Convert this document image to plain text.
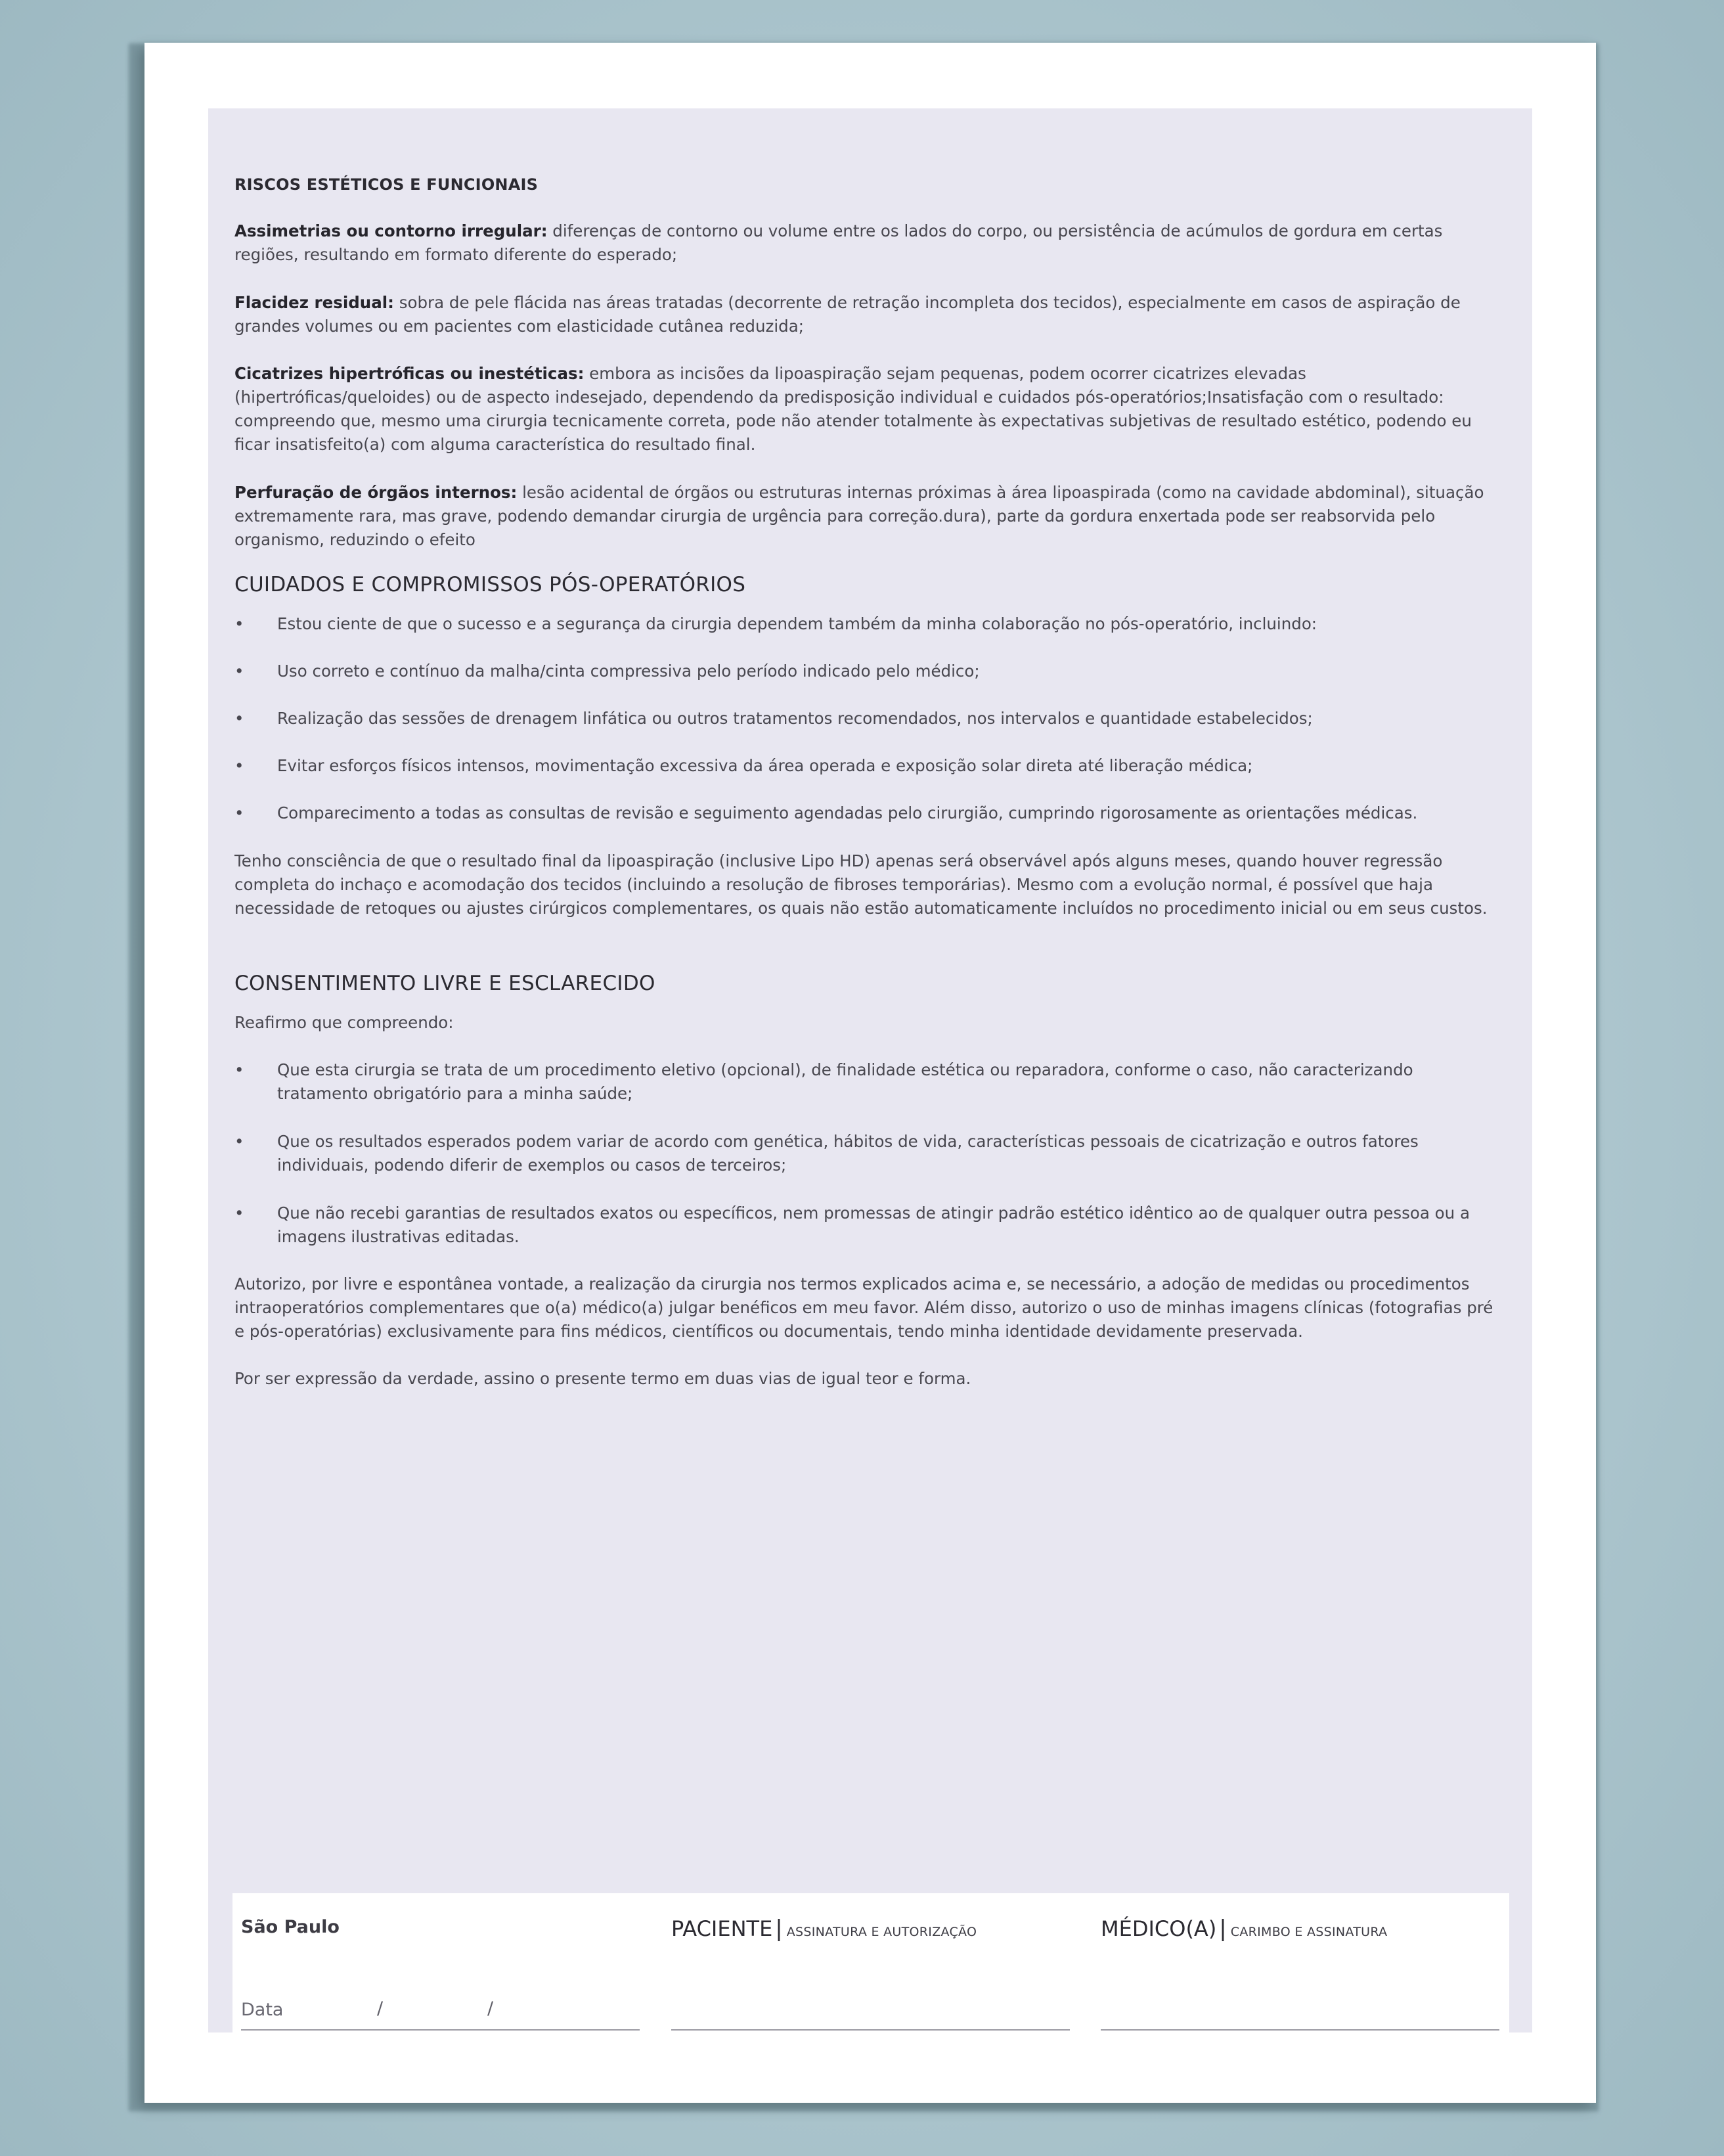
RISCOS ESTÉTICOS E FUNCIONAIS

Assimetrias ou contorno irregular: diferenças de contorno ou volume entre os lados do corpo, ou persistência de acúmulos de gordura em certas regiões, resultando em formato diferente do esperado;

Flacidez residual: sobra de pele flácida nas áreas tratadas (decorrente de retração incompleta dos tecidos), especialmente em casos de aspiração de grandes volumes ou em pacientes com elasticidade cutânea reduzida;

Cicatrizes hipertróficas ou inestéticas: embora as incisões da lipoaspiração sejam pequenas, podem ocorrer cicatrizes elevadas (hipertróficas/queloides) ou de aspecto indesejado, dependendo da predisposição individual e cuidados pós-operatórios;Insatisfação com o resultado: compreendo que, mesmo uma cirurgia tecnicamente correta, pode não atender totalmente às expectativas subjetivas de resultado estético, podendo eu ficar insatisfeito(a) com alguma característica do resultado final.

Perfuração de órgãos internos: lesão acidental de órgãos ou estruturas internas próximas à área lipoaspirada (como na cavidade abdominal), situação extremamente rara, mas grave, podendo demandar cirurgia de urgência para correção.dura), parte da gordura enxertada pode ser reabsorvida pelo organismo, reduzindo o efeito

CUIDADOS E COMPROMISSOS PÓS-OPERATÓRIOS
• Estou ciente de que o sucesso e a segurança da cirurgia dependem também da minha colaboração no pós-operatório, incluindo:
• Uso correto e contínuo da malha/cinta compressiva pelo período indicado pelo médico;
• Realização das sessões de drenagem linfática ou outros tratamentos recomendados, nos intervalos e quantidade estabelecidos;
• Evitar esforços físicos intensos, movimentação excessiva da área operada e exposição solar direta até liberação médica;
• Comparecimento a todas as consultas de revisão e seguimento agendadas pelo cirurgião, cumprindo rigorosamente as orientações médicas.

Tenho consciência de que o resultado final da lipoaspiração (inclusive Lipo HD) apenas será observável após alguns meses, quando houver regressão completa do inchaço e acomodação dos tecidos (incluindo a resolução de fibroses temporárias). Mesmo com a evolução normal, é possível que haja necessidade de retoques ou ajustes cirúrgicos complementares, os quais não estão automaticamente incluídos no procedimento inicial ou em seus custos.

CONSENTIMENTO LIVRE E ESCLARECIDO

Reafirmo que compreendo:

• Que esta cirurgia se trata de um procedimento eletivo (opcional), de finalidade estética ou reparadora, conforme o caso, não caracterizando tratamento obrigatório para a minha saúde;
• Que os resultados esperados podem variar de acordo com genética, hábitos de vida, características pessoais de cicatrização e outros fatores individuais, podendo diferir de exemplos ou casos de terceiros;
• Que não recebi garantias de resultados exatos ou específicos, nem promessas de atingir padrão estético idêntico ao de qualquer outra pessoa ou a imagens ilustrativas editadas.

Autorizo, por livre e espontânea vontade, a realização da cirurgia nos termos explicados acima e, se necessário, a adoção de medidas ou procedimentos intraoperatórios complementares que o(a) médico(a) julgar benéficos em meu favor. Além disso, autorizo o uso de minhas imagens clínicas (fotografias pré e pós-operatórias) exclusivamente para fins médicos, científicos ou documentais, tendo minha identidade devidamente preservada.

Por ser expressão da verdade, assino o presente termo em duas vias de igual teor e forma.

São Paulo
Data	/	/
PACIENTE | ASSINATURA E AUTORIZAÇÃO	MÉDICO(A) | CARIMBO E ASSINATURA
